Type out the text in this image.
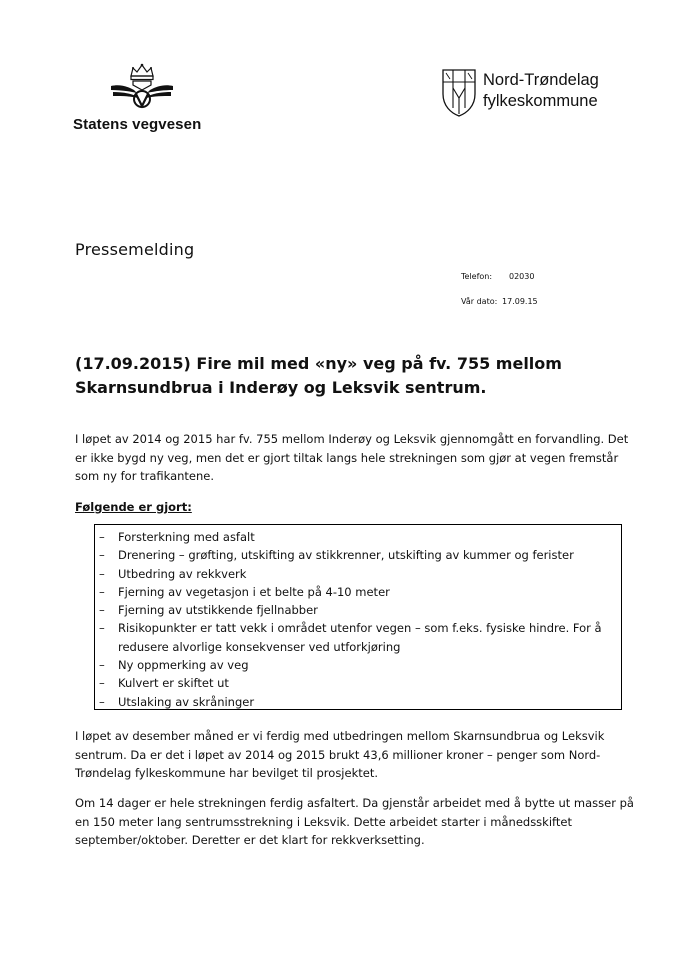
Statens vegvesen
Nord-Trøndelag
fylkeskommune
Pressemelding
Telefon: 02030
Vår dato: 17.09.15
(17.09.2015) Fire mil med «ny» veg på fv. 755 mellom Skarnsundbrua i Inderøy og Leksvik sentrum.
I løpet av 2014 og 2015 har fv. 755 mellom Inderøy og Leksvik gjennomgått en forvandling. Det er ikke bygd ny veg, men det er gjort tiltak langs hele strekningen som gjør at vegen fremstår som ny for trafikantene.
Følgende er gjort:
– Forsterkning med asfalt
– Drenering – grøfting, utskifting av stikkrenner, utskifting av kummer og ferister
– Utbedring av rekkverk
– Fjerning av vegetasjon i et belte på 4-10 meter
– Fjerning av utstikkende fjellnabber
– Risikopunkter er tatt vekk i området utenfor vegen – som f.eks. fysiske hindre. For å redusere alvorlige konsekvenser ved utforkjøring
– Ny oppmerking av veg
– Kulvert er skiftet ut
– Utslaking av skråninger
I løpet av desember måned er vi ferdig med utbedringen mellom Skarnsundbrua og Leksvik sentrum. Da er det i løpet av 2014 og 2015 brukt 43,6 millioner kroner – penger som Nord-Trøndelag fylkeskommune har bevilget til prosjektet.
Om 14 dager er hele strekningen ferdig asfaltert. Da gjenstår arbeidet med å bytte ut masser på en 150 meter lang sentrumsstrekning i Leksvik. Dette arbeidet starter i månedsskiftet september/oktober. Deretter er det klart for rekkverksetting.
